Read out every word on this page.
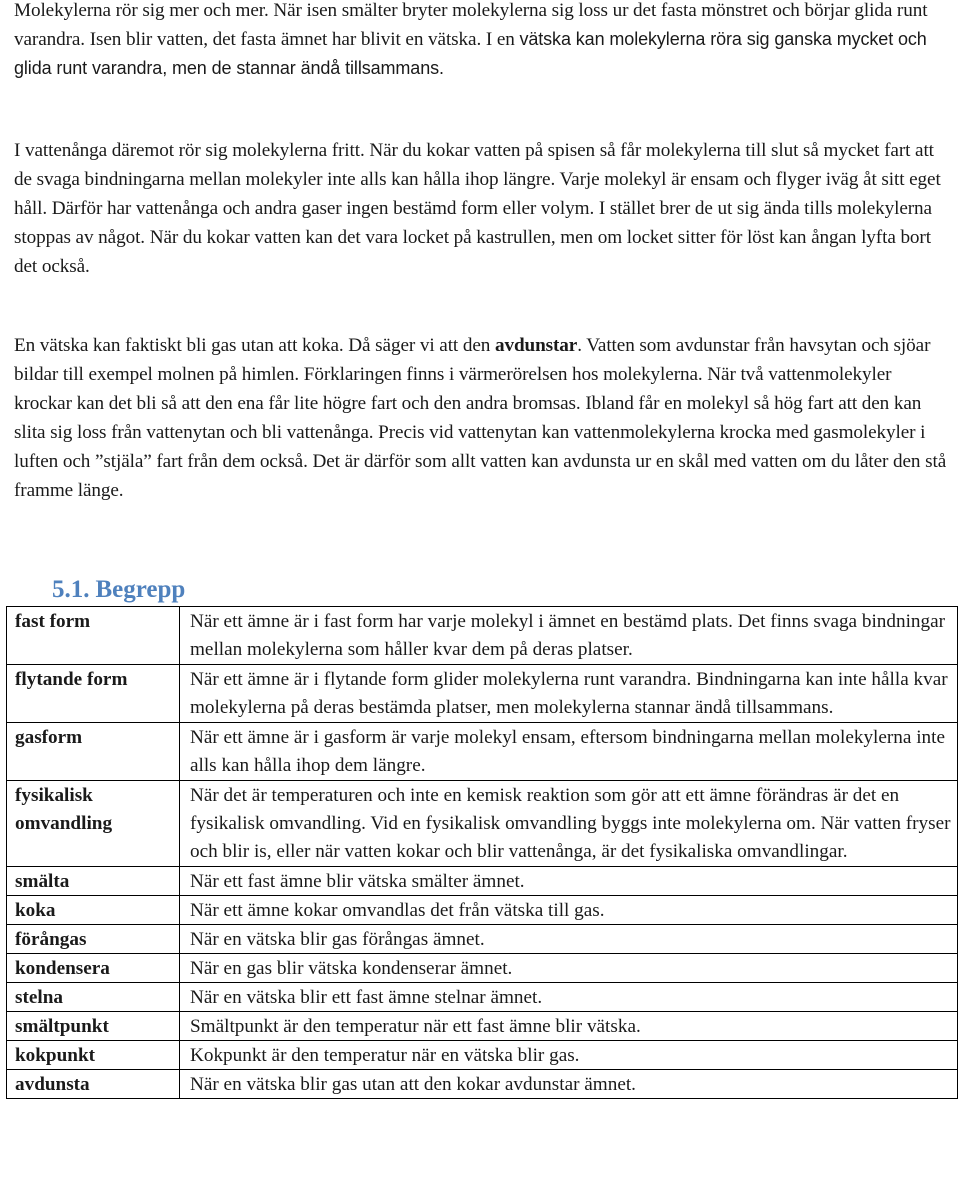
Molekylerna rör sig mer och mer. När isen smälter bryter molekylerna sig loss ur det fasta mönstret och börjar glida runt varandra. Isen blir vatten, det fasta ämnet har blivit en vätska. I en vätska kan molekylerna röra sig ganska mycket och glida runt varandra, men de stannar ändå tillsammans.

I vattenånga däremot rör sig molekylerna fritt. När du kokar vatten på spisen så får molekylerna till slut så mycket fart att de svaga bindningarna mellan molekyler inte alls kan hålla ihop längre. Varje molekyl är ensam och flyger iväg åt sitt eget håll. Därför har vattenånga och andra gaser ingen bestämd form eller volym. I stället brer de ut sig ända tills molekylerna stoppas av något. När du kokar vatten kan det vara locket på kastrullen, men om locket sitter för löst kan ångan lyfta bort det också.

En vätska kan faktiskt bli gas utan att koka. Då säger vi att den avdunstar. Vatten som avdunstar från havsytan och sjöar bildar till exempel molnen på himlen. Förklaringen finns i värmerörelsen hos molekylerna. När två vattenmolekyler krockar kan det bli så att den ena får lite högre fart och den andra bromsas. Ibland får en molekyl så hög fart att den kan slita sig loss från vattenytan och bli vattenånga. Precis vid vattenytan kan vattenmolekylerna krocka med gasmolekyler i luften och ”stjäla” fart från dem också. Det är därför som allt vatten kan avdunsta ur en skål med vatten om du låter den stå framme länge.

5.1. Begrepp
fast form	När ett ämne är i fast form har varje molekyl i ämnet en bestämd plats. Det finns svaga bindningar mellan molekylerna som håller kvar dem på deras platser.
flytande form	När ett ämne är i flytande form glider molekylerna runt varandra. Bindningarna kan inte hålla kvar molekylerna på deras bestämda platser, men molekylerna stannar ändå tillsammans.
gasform	När ett ämne är i gasform är varje molekyl ensam, eftersom bindningarna mellan molekylerna inte alls kan hålla ihop dem längre.
fysikalisk omvandling	När det är temperaturen och inte en kemisk reaktion som gör att ett ämne förändras är det en fysikalisk omvandling. Vid en fysikalisk omvandling byggs inte molekylerna om. När vatten fryser och blir is, eller när vatten kokar och blir vattenånga, är det fysikaliska omvandlingar.
smälta	När ett fast ämne blir vätska smälter ämnet.
koka	När ett ämne kokar omvandlas det från vätska till gas.
förångas	När en vätska blir gas förångas ämnet.
kondensera	När en gas blir vätska kondenserar ämnet.
stelna	När en vätska blir ett fast ämne stelnar ämnet.
smältpunkt	Smältpunkt är den temperatur när ett fast ämne blir vätska.
kokpunkt	Kokpunkt är den temperatur när en vätska blir gas.
avdunsta	När en vätska blir gas utan att den kokar avdunstar ämnet.
